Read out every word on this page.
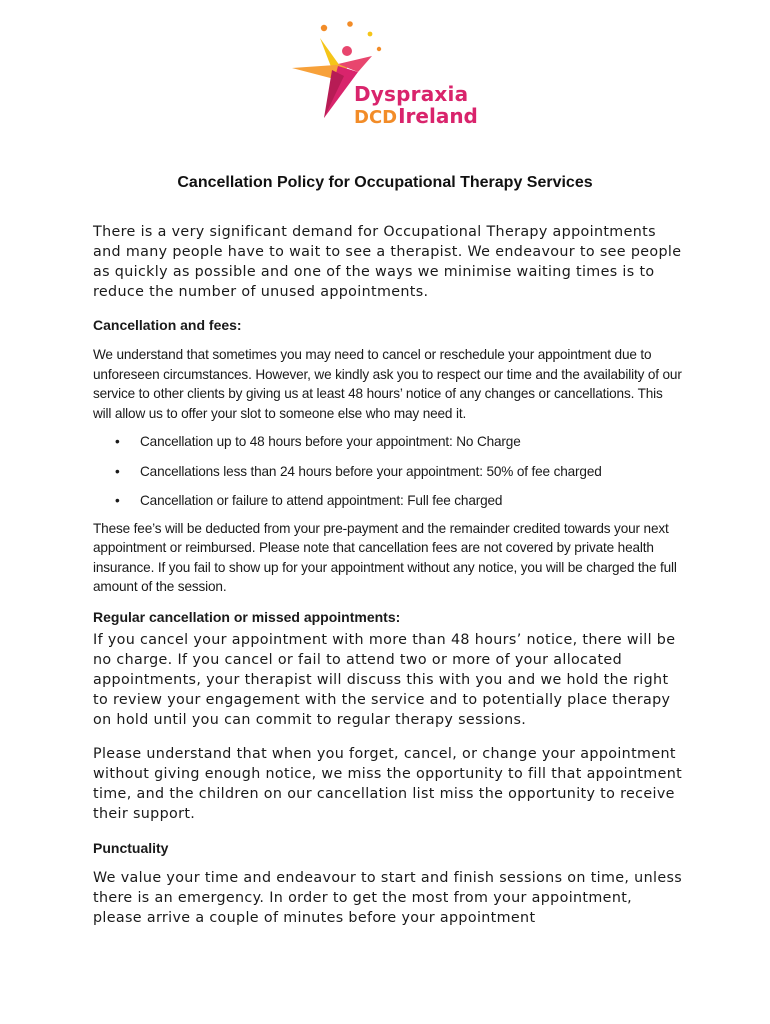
Dyspraxia
DCDIreland
Cancellation Policy for Occupational Therapy Services

There is a very significant demand for Occupational Therapy appointments and many people have to wait to see a therapist. We endeavour to see people as quickly as possible and one of the ways we minimise waiting times is to reduce the number of unused appointments.

Cancellation and fees:

We understand that sometimes you may need to cancel or reschedule your appointment due to unforeseen circumstances. However, we kindly ask you to respect our time and the availability of our service to other clients by giving us at least 48 hours’ notice of any changes or cancellations. This will allow us to offer your slot to someone else who may need it.

• Cancellation up to 48 hours before your appointment: No Charge
• Cancellations less than 24 hours before your appointment: 50% of fee charged
• Cancellation or failure to attend appointment: Full fee charged

These fee’s will be deducted from your pre-payment and the remainder credited towards your next appointment or reimbursed. Please note that cancellation fees are not covered by private health insurance. If you fail to show up for your appointment without any notice, you will be charged the full amount of the session.

Regular cancellation or missed appointments:

If you cancel your appointment with more than 48 hours’ notice, there will be no charge. If you cancel or fail to attend two or more of your allocated appointments, your therapist will discuss this with you and we hold the right to review your engagement with the service and to potentially place therapy on hold until you can commit to regular therapy sessions.

Please understand that when you forget, cancel, or change your appointment without giving enough notice, we miss the opportunity to fill that appointment time, and the children on our cancellation list miss the opportunity to receive their support.

Punctuality

We value your time and endeavour to start and finish sessions on time, unless there is an emergency. In order to get the most from your appointment, please arrive a couple of minutes before your appointment
